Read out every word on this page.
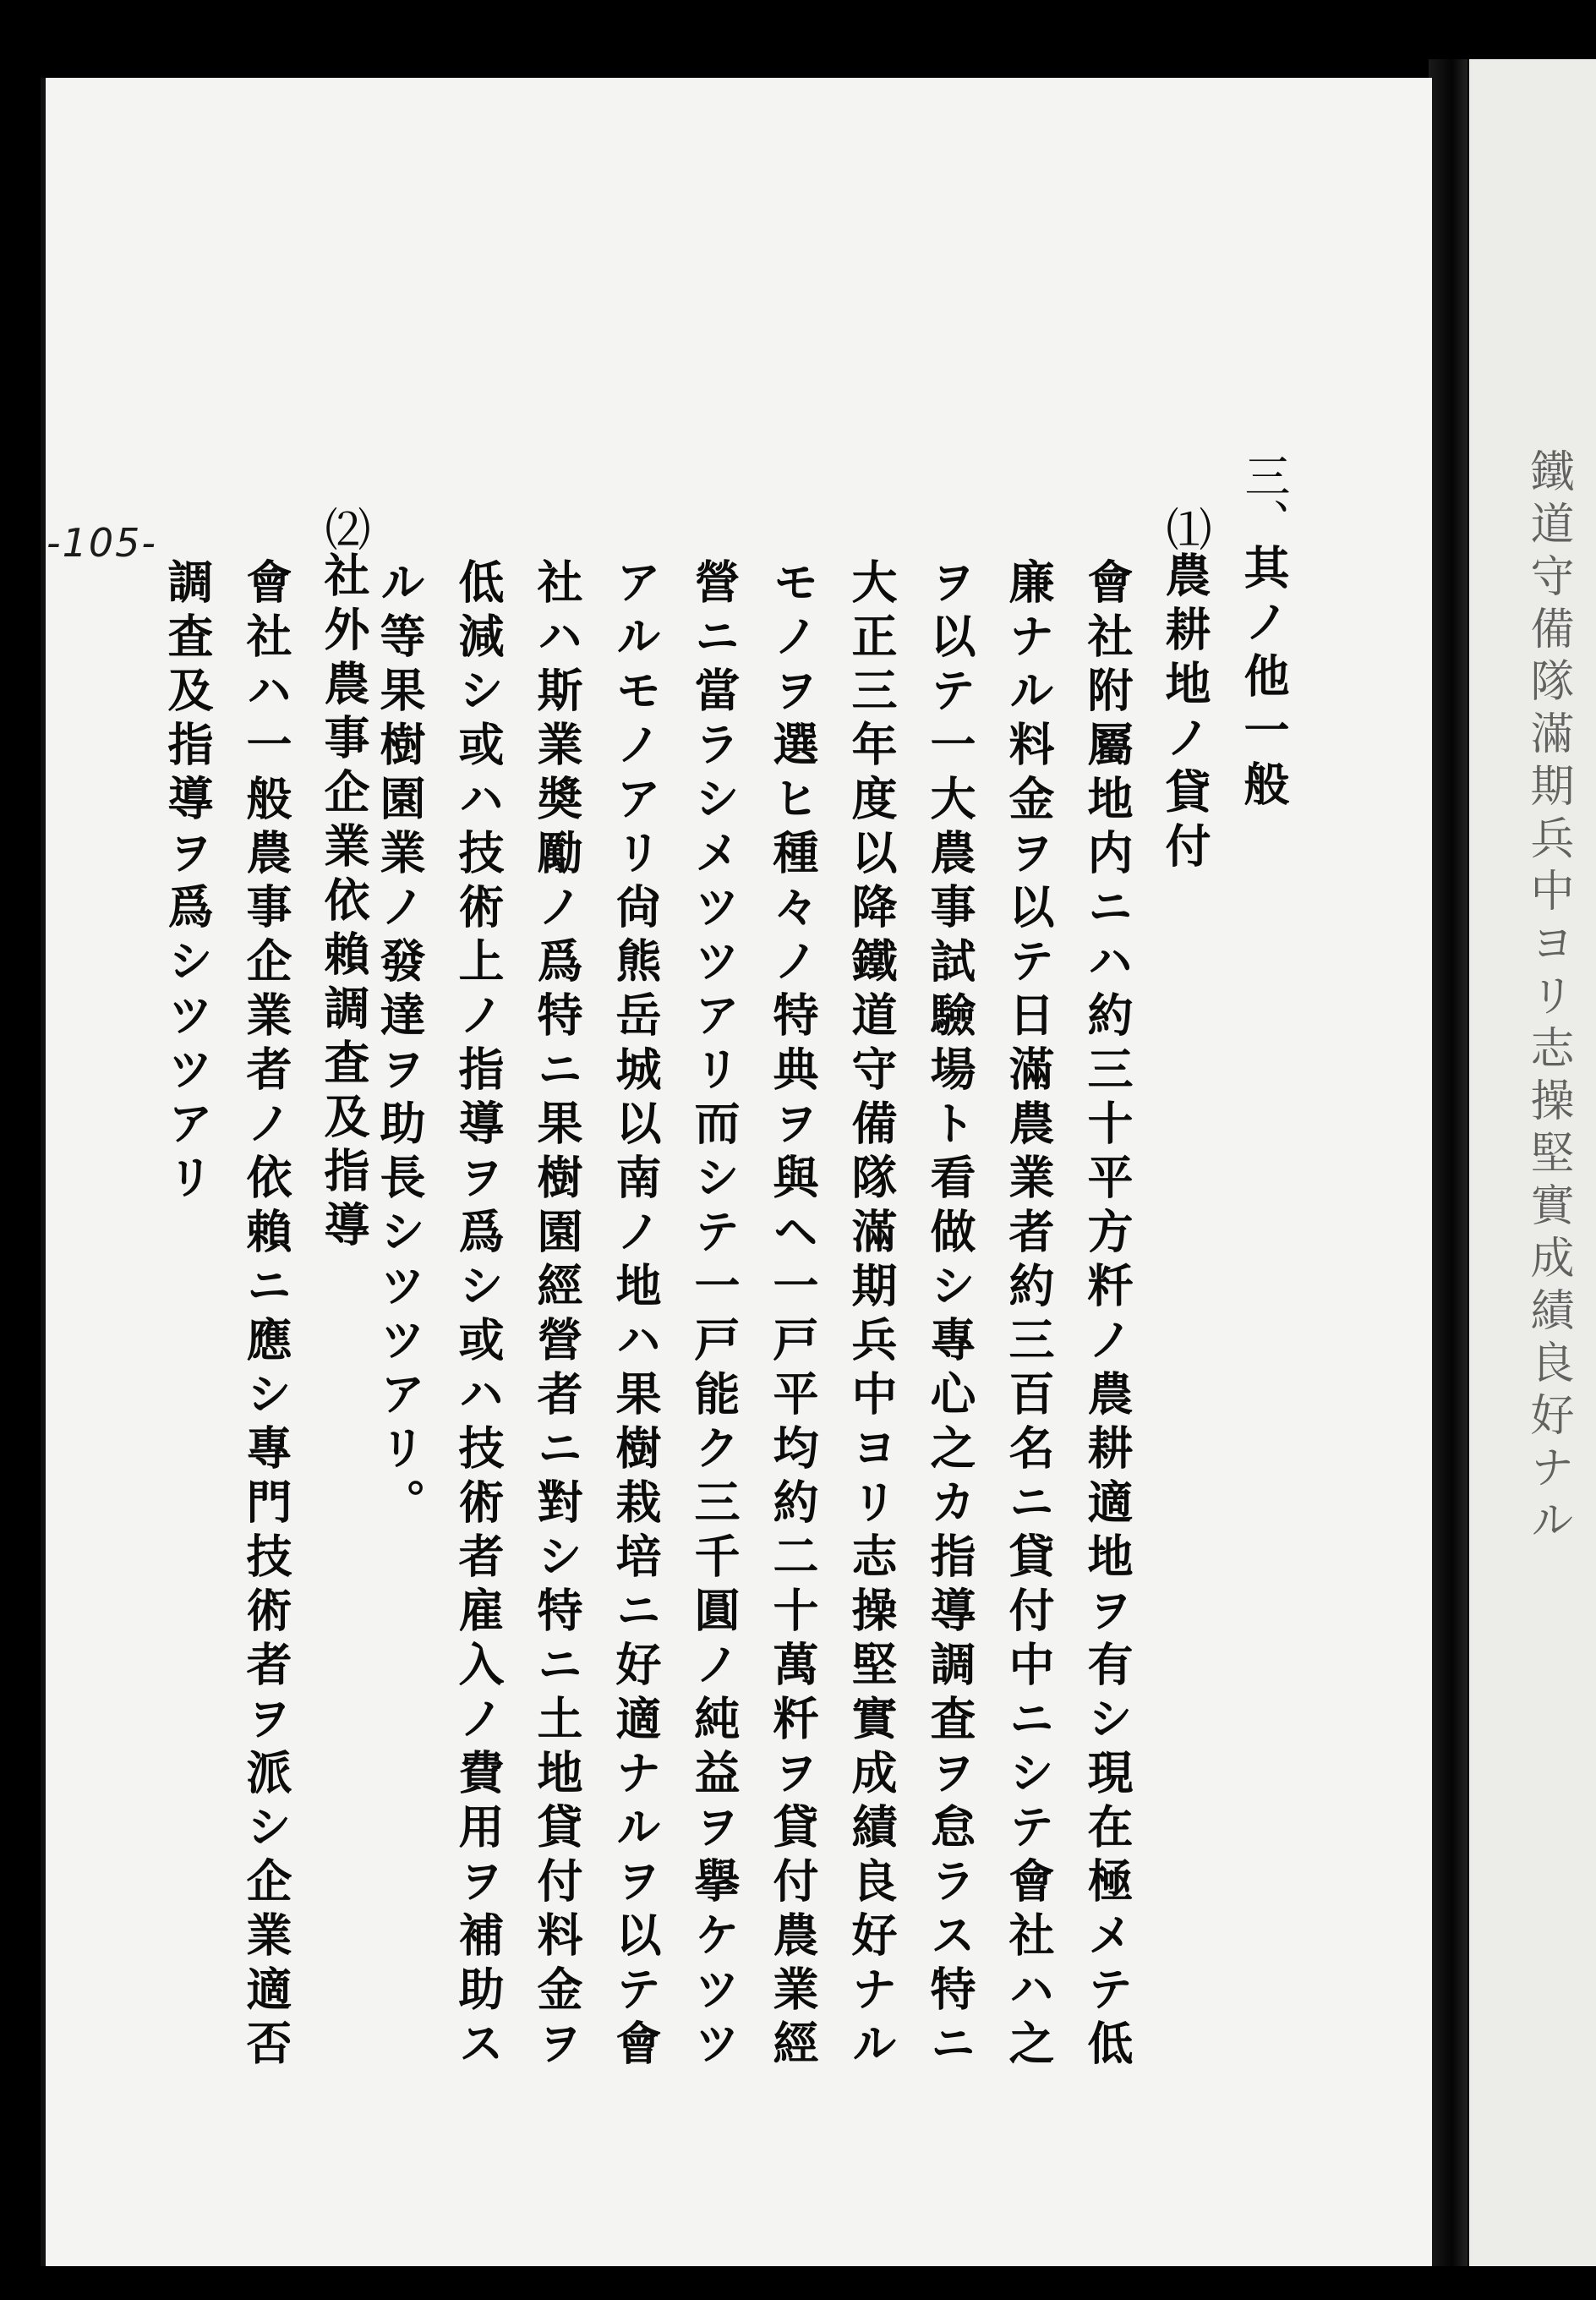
鐵道守備隊滿期兵中ヨリ志操堅實成績良好ナル
-105-	三、其ノ他一般
⑴農耕地ノ貸付
會社附屬地内ニハ約三十平方粁ノ農耕適地ヲ有シ現在極メテ低
廉ナル料金ヲ以テ日滿農業者約三百名ニ貸付中ニシテ會社ハ之
ヲ以テ一大農事試驗場ト看做シ專心之カ指導調査ヲ怠ラス特ニ
大正三年度以降鐵道守備隊滿期兵中ヨリ志操堅實成績良好ナル
モノヲ選ヒ種々ノ特典ヲ與ヘ一戸平均約二十萬粁ヲ貸付農業經
營ニ當ラシメツツアリ而シテ一戸能ク三千圓ノ純益ヲ擧ケツツ
アルモノアリ尙熊岳城以南ノ地ハ果樹栽培ニ好適ナルヲ以テ會
社ハ斯業奬勵ノ爲特ニ果樹園經營者ニ對シ特ニ土地貸付料金ヲ
低減シ或ハ技術上ノ指導ヲ爲シ或ハ技術者雇入ノ費用ヲ補助ス
ル等果樹園業ノ發達ヲ助長シツツアリ。
⑵社外農事企業依賴調査及指導
會社ハ一般農事企業者ノ依賴ニ應シ專門技術者ヲ派シ企業適否
調査及指導ヲ爲シツツアリ
